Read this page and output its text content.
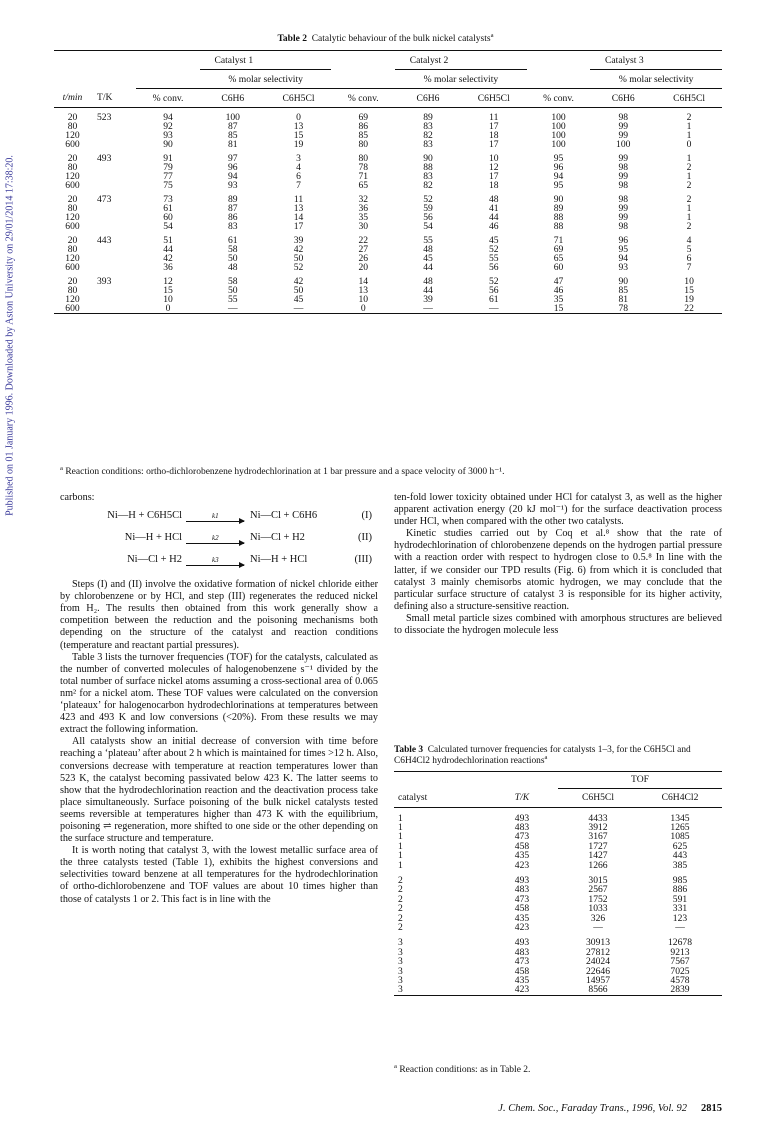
Published on 01 January 1996. Downloaded by Aston University on 29/01/2014 17:38:20.
Table 2 Catalytic behaviour of the bulk nickel catalysts$^a$
		Catalyst 1			Catalyst 2			Catalyst 3		
			% molar selectivity			% molar selectivity			% molar selectivity	
t/min	T/K	% conv.	C6H6	C6H5Cl	% conv.	C6H6	C6H5Cl	% conv.	C6H6	C6H5Cl

20	523	94	100	0	69	89	11	100	98	2
80		92	87	13	86	83	17	100	99	1
120		93	85	15	85	82	18	100	99	1
600		90	81	19	80	83	17	100	100	0

20	493	91	97	3	80	90	10	95	99	1
80		79	96	4	78	88	12	96	98	2
120		77	94	6	71	83	17	94	99	1
600		75	93	7	65	82	18	95	98	2

20	473	73	89	11	32	52	48	90	98	2
80		61	87	13	36	59	41	89	99	1
120		60	86	14	35	56	44	88	99	1
600		54	83	17	30	54	46	88	98	2

20	443	51	61	39	22	55	45	71	96	4
80		44	58	42	27	48	52	69	95	5
120		42	50	50	26	45	55	65	94	6
600		36	48	52	20	44	56	60	93	7

20	393	12	58	42	14	48	52	47	90	10
80		15	50	50	13	44	56	46	85	15
120		10	55	45	10	39	61	35	81	19
600		0	—	—	0	—	—	15	78	22
$^a$ Reaction conditions: ortho-dichlorobenzene hydrodechlorination at 1 bar pressure and a space velocity of 3000 h⁻¹.

carbons:

Ni—H + C6H5Cl	k1	Ni—Cl + C6H6	(I)
Ni—H + HCl	k2	Ni—Cl + H2	(II)
Ni—Cl + H2	k3	Ni—H + HCl	(III)

Steps (I) and (II) involve the oxidative formation of nickel chloride either by chlorobenzene or by HCl, and step (III) regenerates the reduced nickel from H₂. The results then obtained from this work generally show a competition between the reduction and the poisoning mechanisms both depending on the structure of the catalyst and reaction conditions (temperature and reactant partial pressures).

Table 3 lists the turnover frequencies (TOF) for the catalysts, calculated as the number of converted molecules of halogenobenzene s⁻¹ divided by the total number of surface nickel atoms assuming a cross-sectional area of 0.065 nm² for a nickel atom. These TOF values were calculated on the conversion ‘plateaux’ for halogenocarbon hydrodechlorinations at temperatures between 423 and 493 K and low conversions (<20%). From these results we may extract the following information.

All catalysts show an initial decrease of conversion with time before reaching a ‘plateau’ after about 2 h which is maintained for times >12 h. Also, conversions decrease with temperature at reaction temperatures lower than 523 K, the catalyst becoming passivated below 423 K. The latter seems to show that the hydrodechlorination reaction and the deactivation process take place simultaneously. Surface poisoning of the bulk nickel catalysts tested seems reversible at temperatures higher than 473 K with the equilibrium, poisoning ⇌ regeneration, more shifted to one side or the other depending on the surface structure and temperature.

It is worth noting that catalyst 3, with the lowest metallic surface area of the three catalysts tested (Table 1), exhibits the highest conversions and selectivities toward benzene at all temperatures for the hydrodechlorination of ortho-dichlorobenzene and TOF values are about 10 times higher than those of catalysts 1 or 2. This fact is in line with the

ten-fold lower toxicity obtained under HCl for catalyst 3, as well as the higher apparent activation energy (20 kJ mol⁻¹) for the surface deactivation process under HCl, when compared with the other two catalysts.

Kinetic studies carried out by Coq et al.⁸ show that the rate of hydrodechlorination of chlorobenzene depends on the hydrogen partial pressure with a reaction order with respect to hydrogen close to 0.5.⁸ In line with the latter, if we consider our TPD results (Fig. 6) from which it is concluded that catalyst 3 mainly chemisorbs atomic hydrogen, we may conclude that the particular surface structure of catalyst 3 is responsible for its higher activity, defining also a structure-sensitive reaction.

Small metal particle sizes combined with amorphous structures are believed to dissociate the hydrogen molecule less

Table 3 Calculated turnover frequencies for catalysts 1–3, for the C6H5Cl and C6H4Cl2 hydrodechlorination reactions$^a$
		TOF	
catalyst	T/K	C6H5Cl	C6H4Cl2

1	493	4433	1345
1	483	3912	1265
1	473	3167	1085
1	458	1727	625
1	435	1427	443
1	423	1266	385

2	493	3015	985
2	483	2567	886
2	473	1752	591
2	458	1033	331
2	435	326	123
2	423	—	—

3	493	30913	12678
3	483	27812	9213
3	473	24024	7567
3	458	22646	7025
3	435	14957	4578
3	423	8566	2839
$^a$ Reaction conditions: as in Table 2.
J. Chem. Soc., Faraday Trans., 1996, Vol. 92 2815
